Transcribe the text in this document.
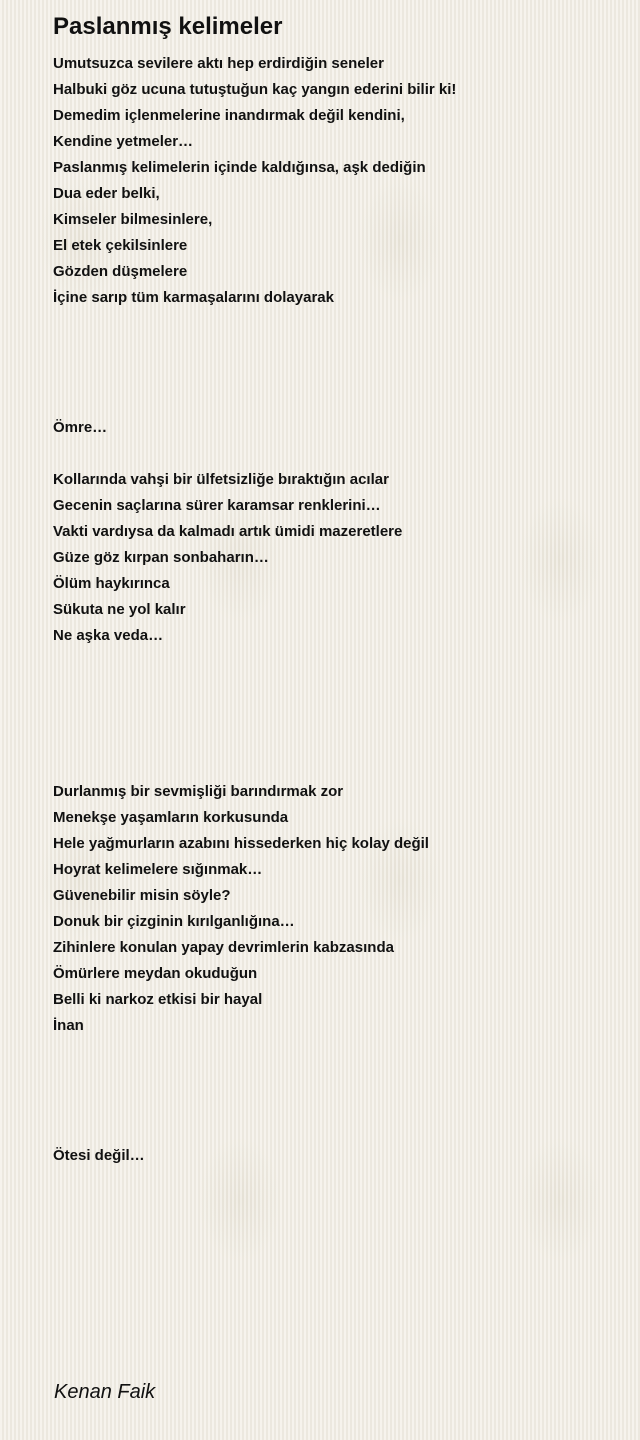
Paslanmış kelimeler
Umutsuzca sevilere aktı hep erdirdiğin seneler
Halbuki göz ucuna tutuştuğun kaç yangın ederini bilir ki!
Demedim içlenmelerine inandırmak değil kendini,
Kendine yetmeler…
Paslanmış kelimelerin içinde kaldığınsa, aşk dediğin
Dua eder belki,
Kimseler bilmesinlere,
El etek çekilsinlere
Gözden düşmelere
İçine sarıp tüm karmaşalarını dolayarak
Ömre…
Kollarında vahşi bir ülfetsizliğe bıraktığın acılar
Gecenin saçlarına sürer karamsar renklerini…
Vakti vardıysa da kalmadı artık ümidi mazeretlere
Güze göz kırpan sonbaharın…
Ölüm haykırınca
Sükuta ne yol kalır
Ne aşka veda…
Durlanmış bir sevmişliği barındırmak zor
Menekşe yaşamların korkusunda
Hele yağmurların azabını hissederken hiç kolay değil
Hoyrat kelimelere sığınmak…
Güvenebilir misin söyle?
Donuk bir çizginin kırılganlığına…
Zihinlere konulan yapay devrimlerin kabzasında
Ömürlere meydan okuduğun
Belli ki narkoz etkisi bir hayal
İnan
Ötesi değil…
Kenan Faik
